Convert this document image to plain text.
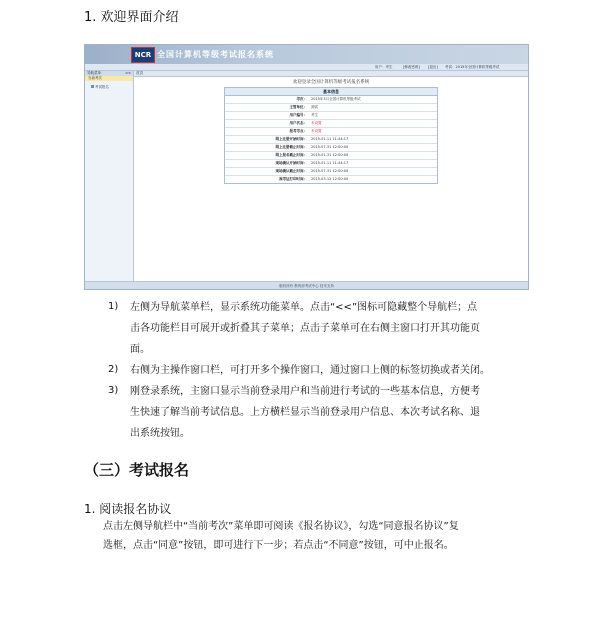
1. 欢迎界面介绍
NCR 全国计算机等级考试报名系统
用户：考生	[修改密码] [退出] 考试：2015年全国计算机等级考试
导航菜单	<<
当前考次
考试报名
首页
欢迎登录全国计算机等级考试报名系统
基本信息
考次： 2015年3月全国计算机等级考试
主管单位： 测试
用户编号： 考生
用户状态： 未设置
报考考点： 未设置
网上注册开始时间： 2015-01-11 11:44:17
网上注册截止时间： 2015-07-31 12:00:00
网上报名截止时间： 2015-01-31 12:00:00
现场确认开始时间： 2015-01-11 11:44:17
现场确认截止时间： 2015-07-31 12:00:00
准考证打印时间： 2015-03-12 12:00:00
版权所有 教育部考试中心 技术支持
1) 左侧为导航菜单栏，显示系统功能菜单。点击“<<”图标可隐藏整个导航栏；点
击各功能栏目可展开或折叠其子菜单；点击子菜单可在右侧主窗口打开其功能页
面。
2) 右侧为主操作窗口栏，可打开多个操作窗口，通过窗口上侧的标签切换或者关闭。
3) 刚登录系统，主窗口显示当前登录用户和当前进行考试的一些基本信息，方便考
生快速了解当前考试信息。上方横栏显示当前登录用户信息、本次考试名称、退
出系统按钮。
（三）考试报名
1. 阅读报名协议
点击左侧导航栏中“当前考次”菜单即可阅读《报名协议》，勾选“同意报名协议”复
选框，点击“同意”按钮，即可进行下一步；若点击“不同意”按钮，可中止报名。
